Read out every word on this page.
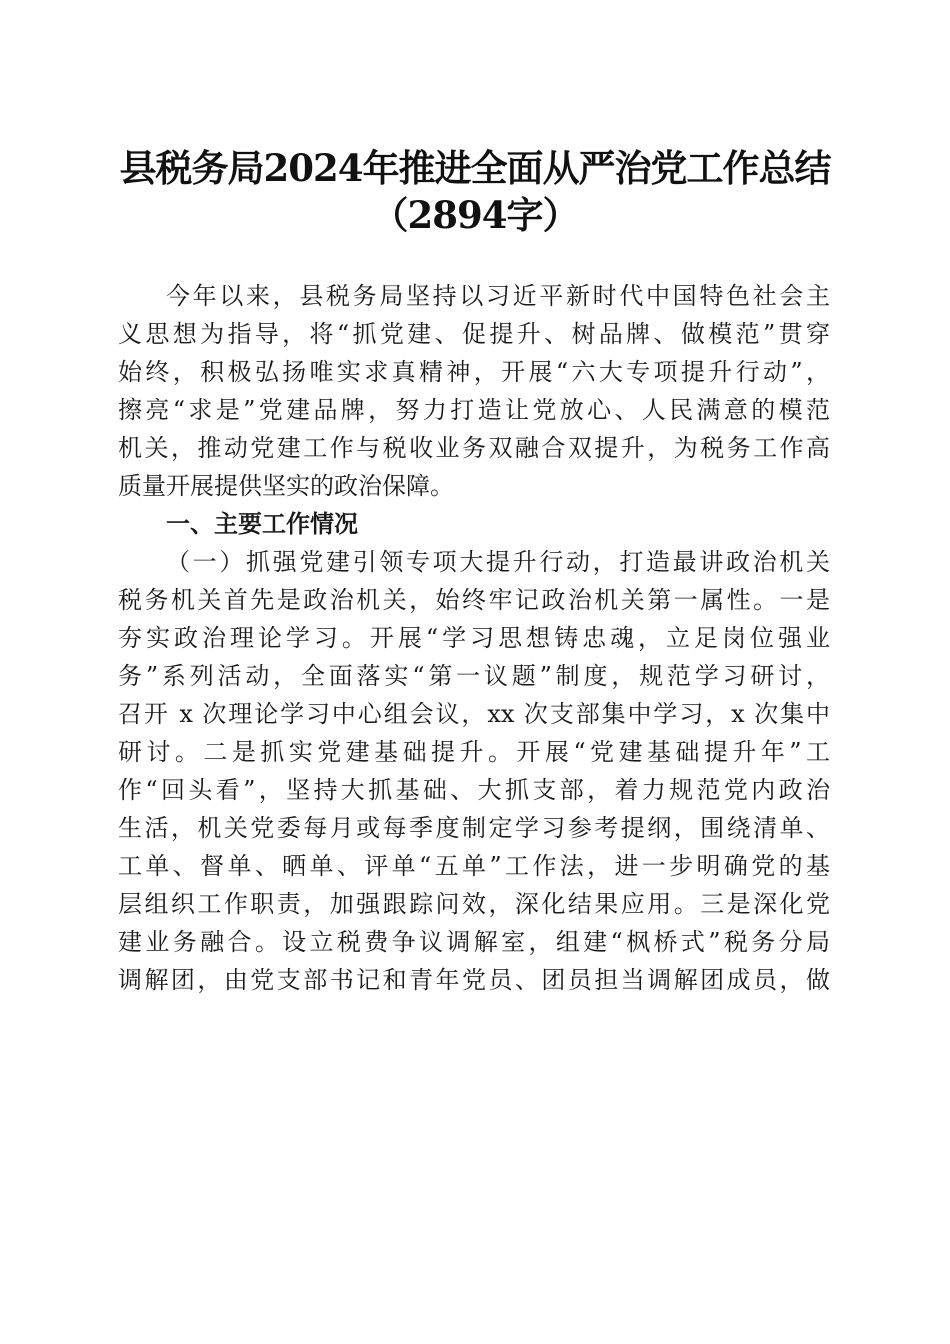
县税务局2024年推进全面从严治党工作总结
（2894字）

今年以来，县税务局坚持以习近平新时代中国特色社会主

义思想为指导，将“抓党建、促提升、树品牌、做模范”贯穿

始终，积极弘扬唯实求真精神，开展“六大专项提升行动”，

擦亮“求是”党建品牌，努力打造让党放心、人民满意的模范

机关，推动党建工作与税收业务双融合双提升，为税务工作高

质量开展提供坚实的政治保障。

一、主要工作情况

（一）抓强党建引领专项大提升行动，打造最讲政治机关

税务机关首先是政治机关，始终牢记政治机关第一属性。一是

夯实政治理论学习。开展“学习思想铸忠魂，立足岗位强业

务”系列活动，全面落实“第一议题”制度，规范学习研讨，

召开 x 次理论学习中心组会议，xx 次支部集中学习，x 次集中

研讨。二是抓实党建基础提升。开展“党建基础提升年”工

作“回头看”，坚持大抓基础、大抓支部，着力规范党内政治

生活，机关党委每月或每季度制定学习参考提纲，围绕清单、

工单、督单、晒单、评单“五单”工作法，进一步明确党的基

层组织工作职责，加强跟踪问效，深化结果应用。三是深化党

建业务融合。设立税费争议调解室，组建“枫桥式”税务分局

调解团，由党支部书记和青年党员、团员担当调解团成员，做
